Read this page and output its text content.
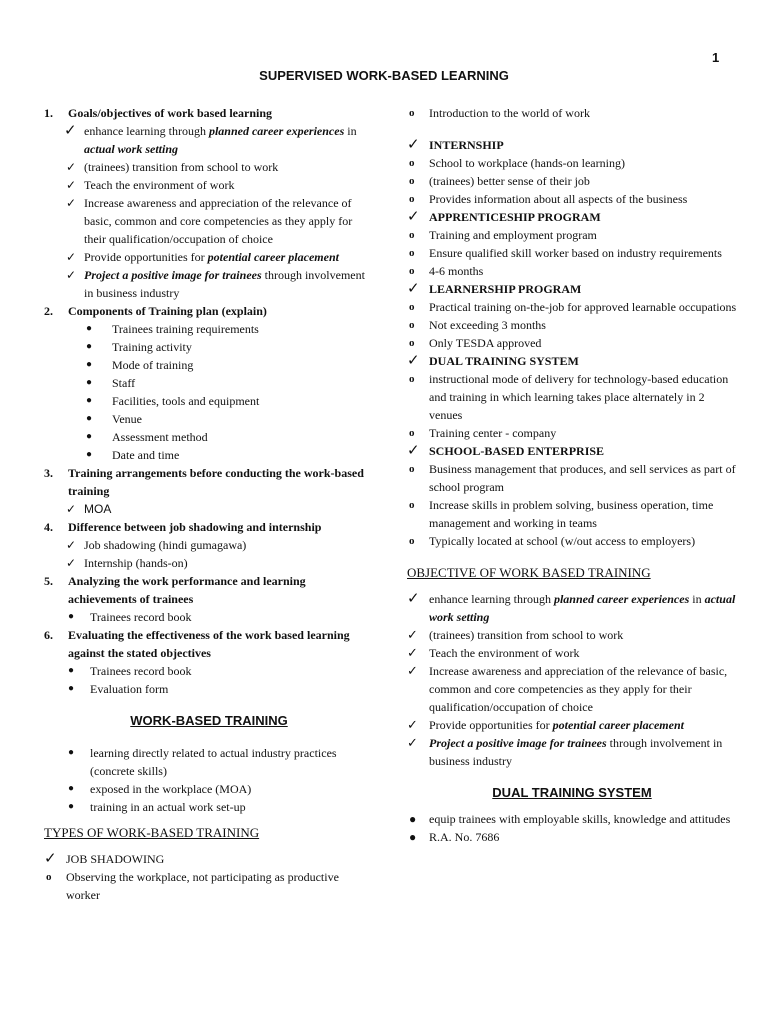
1
SUPERVISED WORK-BASED LEARNING
1. Goals/objectives of work based learning
✓ enhance learning through planned career experiences in actual work setting
✓ (trainees) transition from school to work
✓ Teach the environment of work
✓ Increase awareness and appreciation of the relevance of basic, common and core competencies as they apply for their qualification/occupation of choice
✓ Provide opportunities for potential career placement
✓ Project a positive image for trainees through involvement in business industry
2. Components of Training plan (explain)
● Trainees training requirements
● Training activity
● Mode of training
● Staff
● Facilities, tools and equipment
● Venue
● Assessment method
● Date and time
3. Training arrangements before conducting the work-based training
✓ MOA
4. Difference between job shadowing and internship
✓ Job shadowing (hindi gumagawa)
✓ Internship (hands-on)
5. Analyzing the work performance and learning achievements of trainees
● Trainees record book
6. Evaluating the effectiveness of the work based learning against the stated objectives
● Trainees record book
● Evaluation form
WORK-BASED TRAINING
● learning directly related to actual industry practices (concrete skills)
● exposed in the workplace (MOA)
● training in an actual work set-up
TYPES OF WORK-BASED TRAINING
✓ JOB SHADOWING
o Observing the workplace, not participating as productive worker
o Introduction to the world of work
✓ INTERNSHIP
o School to workplace (hands-on learning)
o (trainees) better sense of their job
o Provides information about all aspects of the business
✓ APPRENTICESHIP PROGRAM
o Training and employment program
o Ensure qualified skill worker based on industry requirements
o 4-6 months
✓ LEARNERSHIP PROGRAM
o Practical training on-the-job for approved learnable occupations
o Not exceeding 3 months
o Only TESDA approved
✓ DUAL TRAINING SYSTEM
o instructional mode of delivery for technology-based education and training in which learning takes place alternately in 2 venues
o Training center - company
✓ SCHOOL-BASED ENTERPRISE
o Business management that produces, and sell services as part of school program
o Increase skills in problem solving, business operation, time management and working in teams
o Typically located at school (w/out access to employers)
OBJECTIVE OF WORK BASED TRAINING
✓ enhance learning through planned career experiences in actual work setting
✓ (trainees) transition from school to work
✓ Teach the environment of work
✓ Increase awareness and appreciation of the relevance of basic, common and core competencies as they apply for their qualification/occupation of choice
✓ Provide opportunities for potential career placement
✓ Project a positive image for trainees through involvement in business industry
DUAL TRAINING SYSTEM
● equip trainees with employable skills, knowledge and attitudes
● R.A. No. 7686
